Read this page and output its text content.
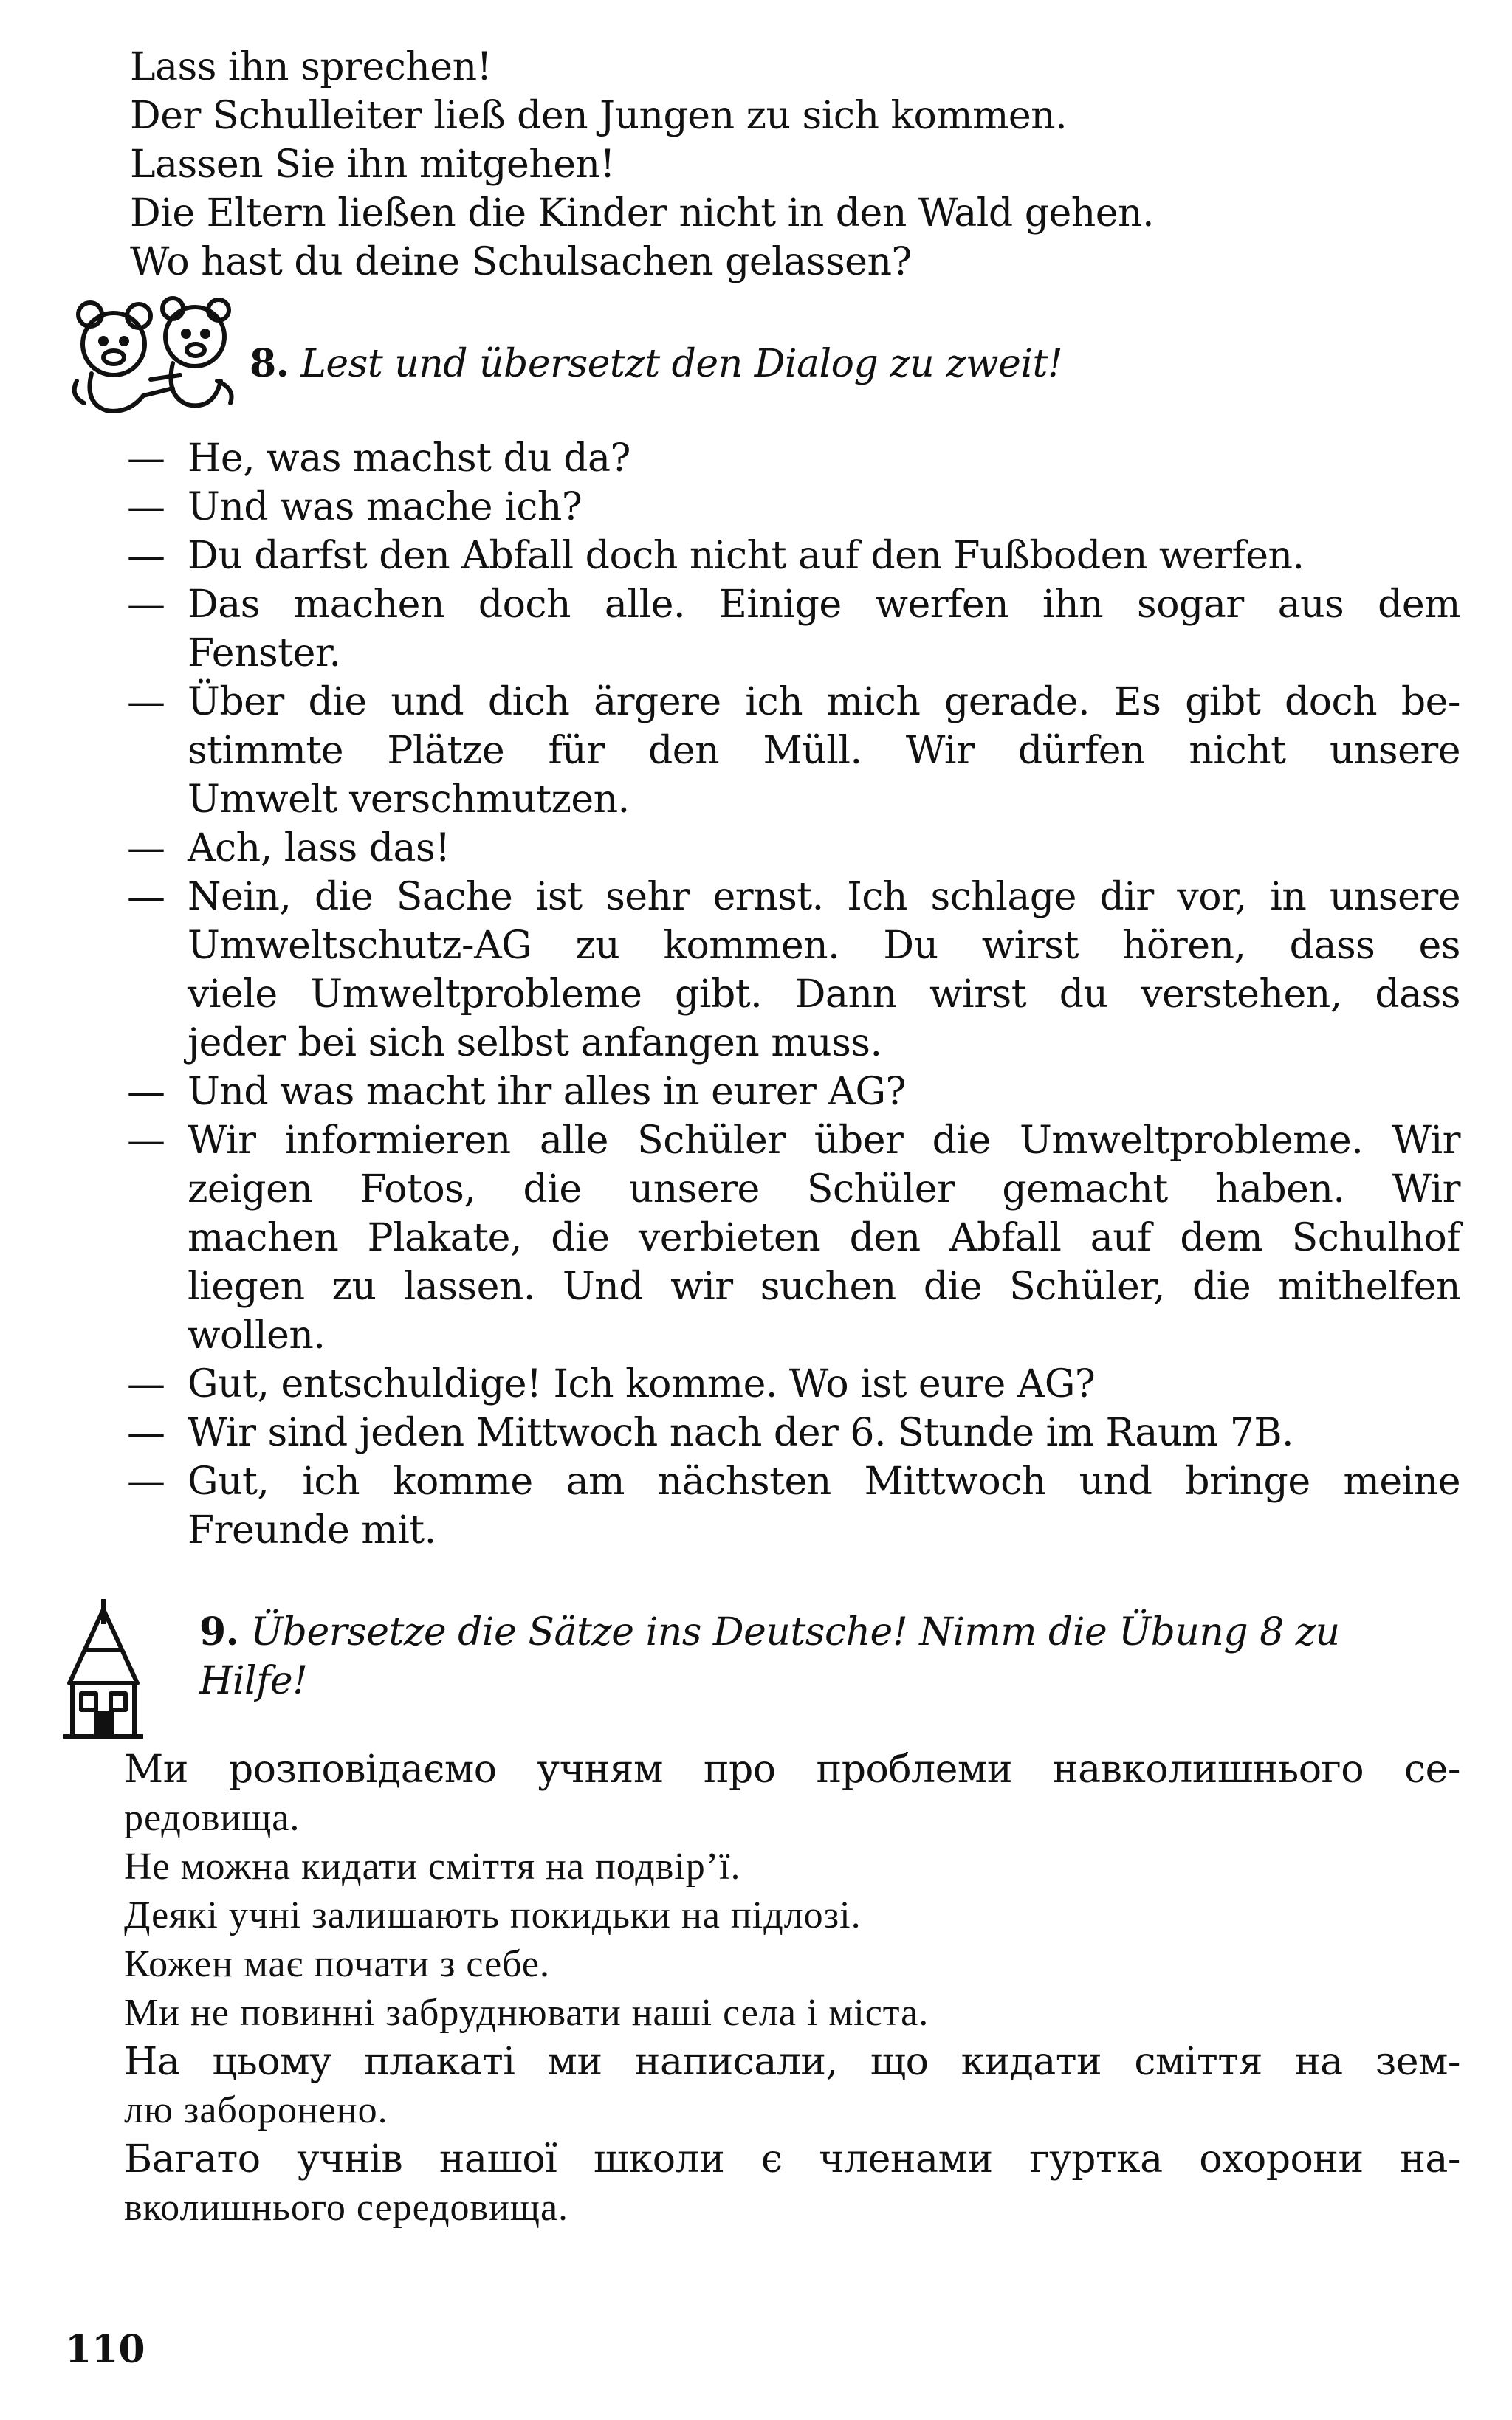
Lass ihn sprechen!
Der Schulleiter ließ den Jungen zu sich kommen.
Lassen Sie ihn mitgehen!
Die Eltern ließen die Kinder nicht in den Wald gehen.
Wo hast du deine Schulsachen gelassen?
8. Lest und übersetzt den Dialog zu zweit!
— He, was machst du da?
— Und was mache ich?
— Du darfst den Abfall doch nicht auf den Fußboden werfen.
— Das machen doch alle. Einige werfen ihn sogar aus dem
Fenster.
— Über die und dich ärgere ich mich gerade. Es gibt doch be-
stimmte Plätze für den Müll. Wir dürfen nicht unsere
Umwelt verschmutzen.
— Ach, lass das!
— Nein, die Sache ist sehr ernst. Ich schlage dir vor, in unsere
Umweltschutz-AG zu kommen. Du wirst hören, dass es
viele Umweltprobleme gibt. Dann wirst du verstehen, dass
jeder bei sich selbst anfangen muss.
— Und was macht ihr alles in eurer AG?
— Wir informieren alle Schüler über die Umweltprobleme. Wir
zeigen Fotos, die unsere Schüler gemacht haben. Wir
machen Plakate, die verbieten den Abfall auf dem Schulhof
liegen zu lassen. Und wir suchen die Schüler, die mithelfen
wollen.
— Gut, entschuldige! Ich komme. Wo ist eure AG?
— Wir sind jeden Mittwoch nach der 6. Stunde im Raum 7B.
— Gut, ich komme am nächsten Mittwoch und bringe meine
Freunde mit.
9. Übersetze die Sätze ins Deutsche! Nimm die Übung 8 zu
Hilfe!
Ми розповідаємо учням про проблеми навколишнього се-
редовища.
Не можна кидати сміття на подвір’ї.
Деякі учні залишають покидьки на підлозі.
Кожен має почати з себе.
Ми не повинні забруднювати наші села і міста.
На цьому плакаті ми написали, що кидати сміття на зем-
лю заборонено.
Багато учнів нашої школи є членами гуртка охорони на-
вколишнього середовища.
110
